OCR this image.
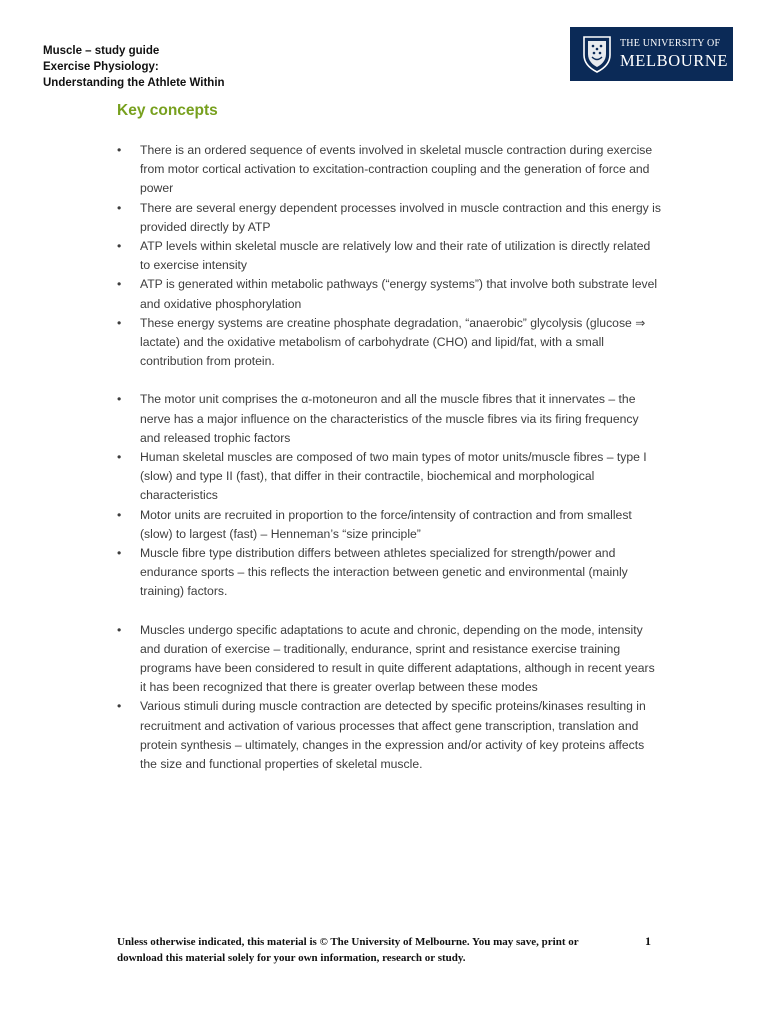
Muscle – study guide
Exercise Physiology:
Understanding the Athlete Within
THE UNIVERSITY OF
MELBOURNE
Key concepts
• There is an ordered sequence of events involved in skeletal muscle contraction during exercise from motor cortical activation to excitation-contraction coupling and the generation of force and power
• There are several energy dependent processes involved in muscle contraction and this energy is provided directly by ATP
• ATP levels within skeletal muscle are relatively low and their rate of utilization is directly related to exercise intensity
• ATP is generated within metabolic pathways (“energy systems”) that involve both substrate level and oxidative phosphorylation
• These energy systems are creatine phosphate degradation, “anaerobic” glycolysis (glucose ⇒ lactate) and the oxidative metabolism of carbohydrate (CHO) and lipid/fat, with a small contribution from protein.
• The motor unit comprises the α-motoneuron and all the muscle fibres that it innervates – the nerve has a major influence on the characteristics of the muscle fibres via its firing frequency and released trophic factors
• Human skeletal muscles are composed of two main types of motor units/muscle fibres – type I (slow) and type II (fast), that differ in their contractile, biochemical and morphological characteristics
• Motor units are recruited in proportion to the force/intensity of contraction and from smallest (slow) to largest (fast) – Henneman’s “size principle”
• Muscle fibre type distribution differs between athletes specialized for strength/power and endurance sports – this reflects the interaction between genetic and environmental (mainly training) factors.
• Muscles undergo specific adaptations to acute and chronic, depending on the mode, intensity and duration of exercise – traditionally, endurance, sprint and resistance exercise training programs have been considered to result in quite different adaptations, although in recent years it has been recognized that there is greater overlap between these modes
• Various stimuli during muscle contraction are detected by specific proteins/kinases resulting in recruitment and activation of various processes that affect gene transcription, translation and protein synthesis – ultimately, changes in the expression and/or activity of key proteins affects the size and functional properties of skeletal muscle.
Unless otherwise indicated, this material is © The University of Melbourne. You may save, print or download this material solely for your own information, research or study.
1
